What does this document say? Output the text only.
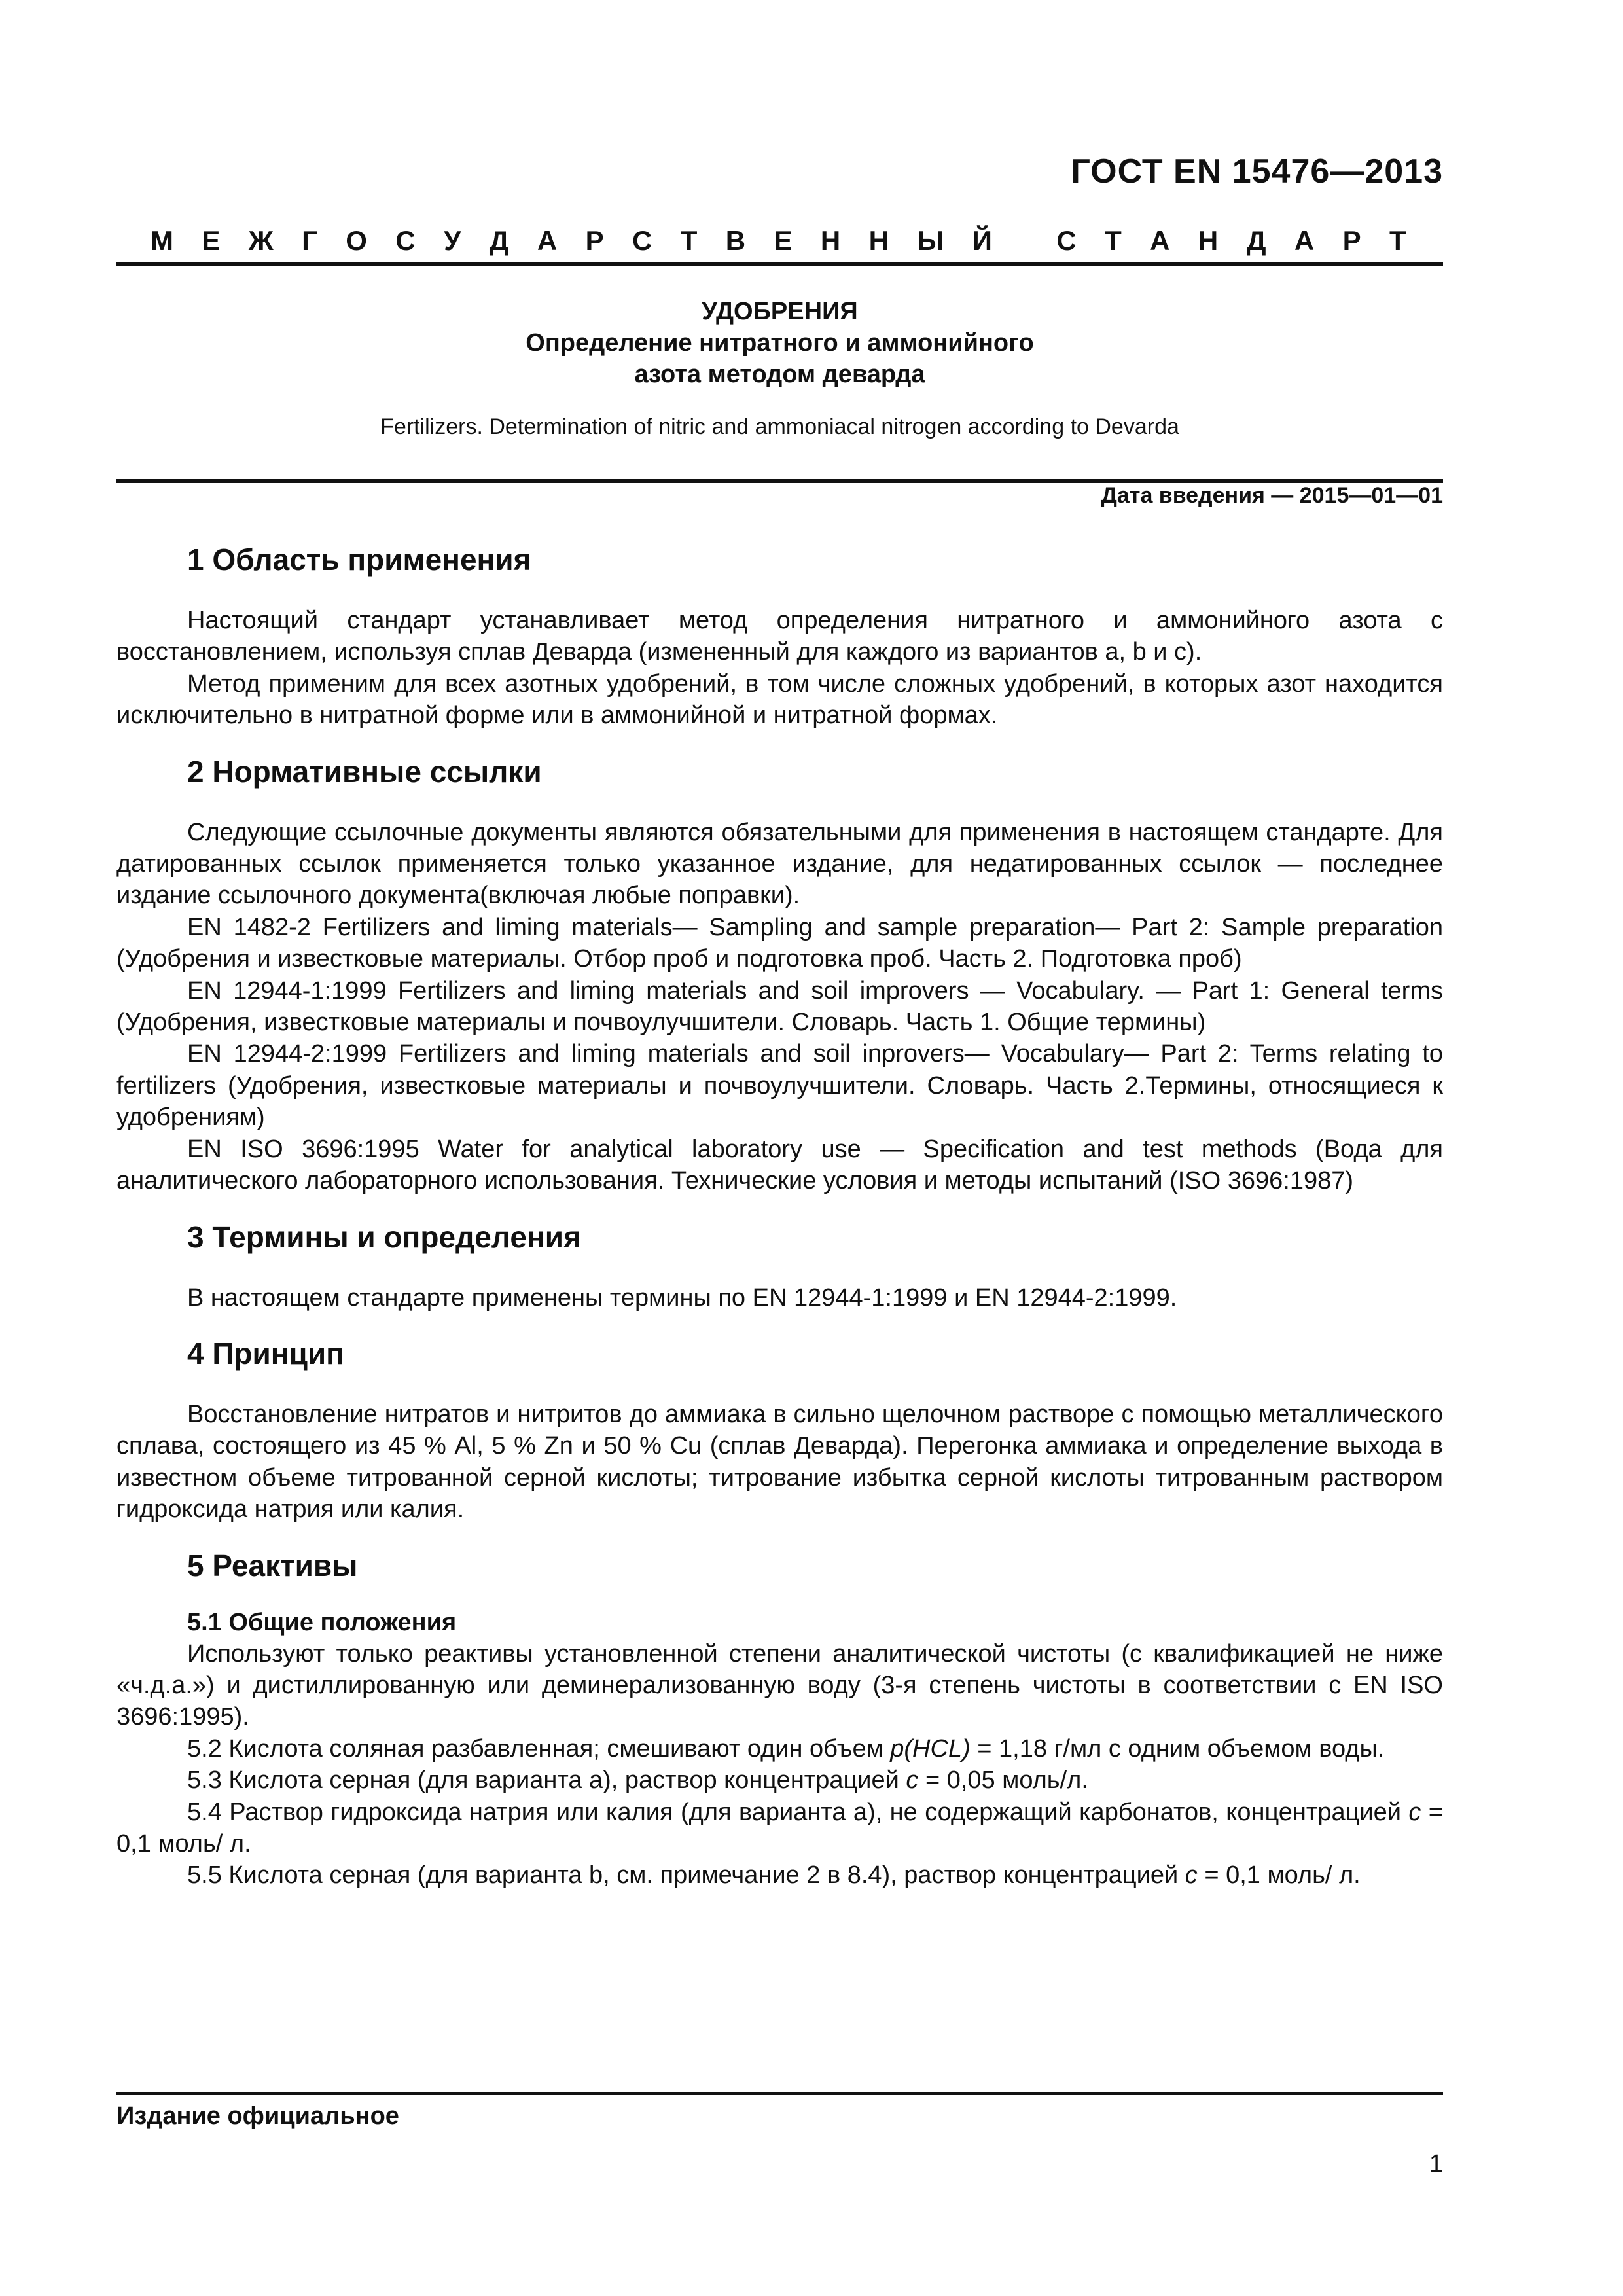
ГОСТ EN 15476—2013
М Е Ж Г О С У Д А Р С Т В Е Н Н Ы Й
С Т А Н Д А Р Т
УДОБРЕНИЯ
Определение нитратного и аммонийного
азота методом деварда
Fertilizers. Determination of nitric and ammoniacal nitrogen according to Devarda
Дата введения — 2015—01—01
1 Область применения

Настоящий стандарт устанавливает метод определения нитратного и аммонийного азота с восстановлением, используя сплав Деварда (измененный для каждого из вариантов a, b и c).

Метод применим для всех азотных удобрений, в том числе сложных удобрений, в которых азот находится исключительно в нитратной форме или в аммонийной и нитратной формах.

2 Нормативные ссылки

Следующие ссылочные документы являются обязательными для применения в настоящем стандарте. Для датированных ссылок применяется только указанное издание, для недатированных ссылок — последнее издание ссылочного документа(включая любые поправки).

EN 1482-2 Fertilizers and liming materials— Sampling and sample preparation— Part 2: Sample preparation (Удобрения и известковые материалы. Отбор проб и подготовка проб. Часть 2. Подготовка проб)

EN 12944-1:1999 Fertilizers and liming materials and soil improvers — Vocabulary. — Part 1: General terms (Удобрения, известковые материалы и почвоулучшители. Словарь. Часть 1. Общие термины)

EN 12944-2:1999 Fertilizers and liming materials and soil inprovers— Vocabulary— Part 2: Terms relating to fertilizers (Удобрения, известковые материалы и почвоулучшители. Словарь. Часть 2.Термины, относящиеся к удобрениям)

EN ISO 3696:1995 Water for analytical laboratory use — Specification and test methods (Вода для аналитического лабораторного использования. Технические условия и методы испытаний (ISO 3696:1987)

3 Термины и определения

В настоящем стандарте применены термины по EN 12944-1:1999 и EN 12944-2:1999.

4 Принцип

Восстановление нитратов и нитритов до аммиака в сильно щелочном растворе с помощью металлического сплава, состоящего из 45 % Al, 5 % Zn и 50 % Cu (сплав Деварда). Перегонка аммиака и определение выхода в известном объеме титрованной серной кислоты; титрование избытка серной кислоты титрованным раствором гидроксида натрия или калия.

5 Реактивы
5.1 Общие положения

Используют только реактивы установленной степени аналитической чистоты (с квалификацией не ниже «ч.д.а.») и дистиллированную или деминерализованную воду (3-я степень чистоты в соответствии с EN ISO 3696:1995).

5.2 Кислота соляная разбавленная; смешивают один объем p(HCL) = 1,18 г/мл с одним объемом воды.

5.3 Кислота серная (для варианта a), раствор концентрацией c = 0,05 моль/л.

5.4 Раствор гидроксида натрия или калия (для варианта a), не содержащий карбонатов, концентрацией c = 0,1 моль/ л.

5.5 Кислота серная (для варианта b, см. примечание 2 в 8.4), раствор концентрацией c = 0,1 моль/ л.

Издание официальное
1
